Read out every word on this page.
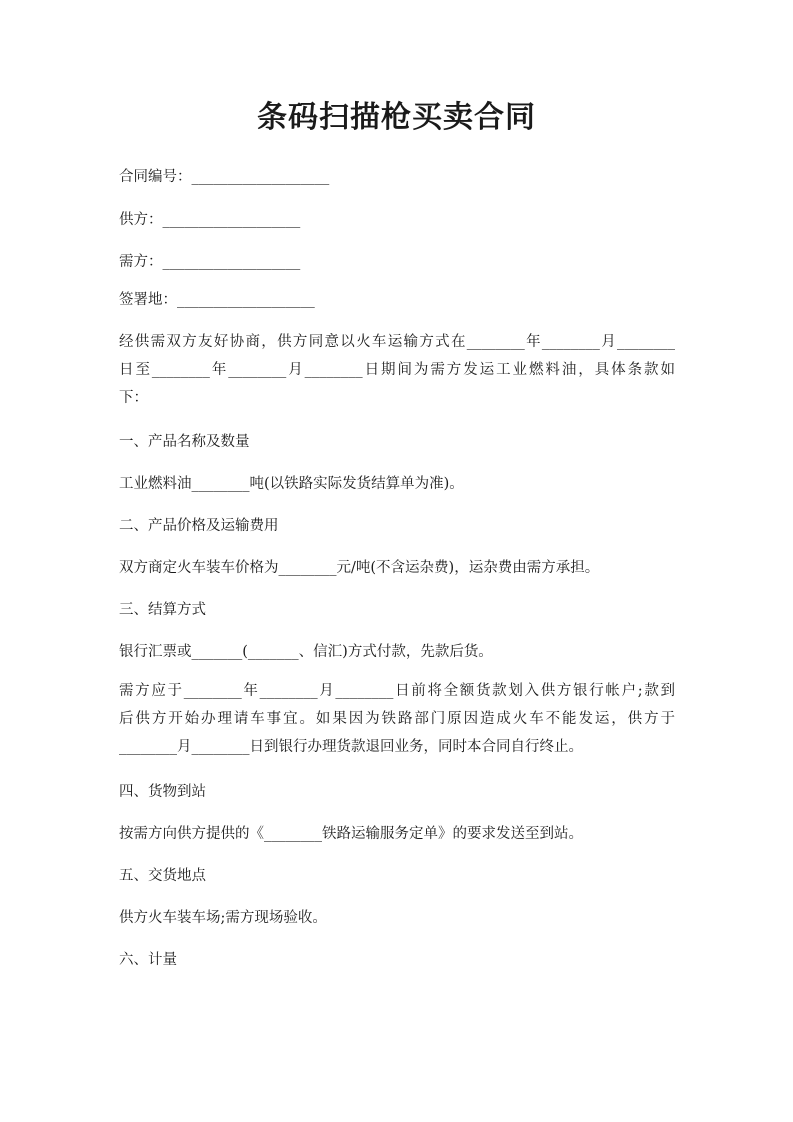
条码扫描枪买卖合同
合同编号：___________________
供方：___________________
需方：___________________
签署地：___________________
经供需双方友好协商，供方同意以火车运输方式在________年________月________
日至________年________月________日期间为需方发运工业燃料油，具体条款如
下：
一、产品名称及数量
工业燃料油________吨(以铁路实际发货结算单为准)。
二、产品价格及运输费用
双方商定火车装车价格为________元/吨(不含运杂费)，运杂费由需方承担。
三、结算方式
银行汇票或_______(_______、信汇)方式付款，先款后货。
需方应于________年________月________日前将全额货款划入供方银行帐户;款到
后供方开始办理请车事宜。如果因为铁路部门原因造成火车不能发运，供方于
________月________日到银行办理货款退回业务，同时本合同自行终止。
四、货物到站
按需方向供方提供的《________铁路运输服务定单》的要求发送至到站。
五、交货地点
供方火车装车场;需方现场验收。
六、计量
